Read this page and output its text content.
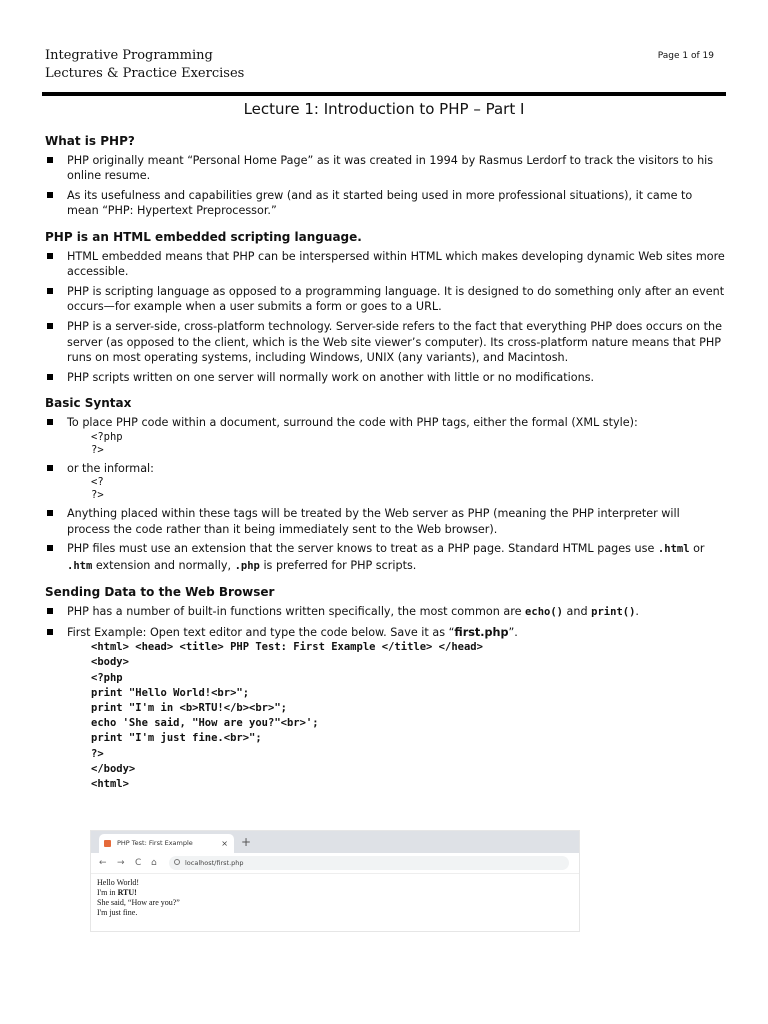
Integrative Programming
Lectures & Practice Exercises
Page 1 of 19
Lecture 1: Introduction to PHP – Part I
What is PHP?
PHP originally meant “Personal Home Page” as it was created in 1994 by Rasmus Lerdorf to track the visitors to his online resume.
As its usefulness and capabilities grew (and as it started being used in more professional situations), it came to mean “PHP: Hypertext Preprocessor.”
PHP is an HTML embedded scripting language.
HTML embedded means that PHP can be interspersed within HTML which makes developing dynamic Web sites more accessible.
PHP is scripting language as opposed to a programming language. It is designed to do something only after an event occurs—for example when a user submits a form or goes to a URL.
PHP is a server-side, cross-platform technology. Server-side refers to the fact that everything PHP does occurs on the server (as opposed to the client, which is the Web site viewer’s computer). Its cross-platform nature means that PHP runs on most operating systems, including Windows, UNIX (any variants), and Macintosh.
PHP scripts written on one server will normally work on another with little or no modifications.
Basic Syntax
To place PHP code within a document, surround the code with PHP tags, either the formal (XML style):
<?php
?>
or the informal:
<?
?>
Anything placed within these tags will be treated by the Web server as PHP (meaning the PHP interpreter will process the code rather than it being immediately sent to the Web browser).
PHP files must use an extension that the server knows to treat as a PHP page. Standard HTML pages use .html or .htm extension and normally, .php is preferred for PHP scripts.
Sending Data to the Web Browser
PHP has a number of built-in functions written specifically, the most common are echo() and print().
First Example: Open text editor and type the code below. Save it as “first.php”.
<html> <head> <title> PHP Test: First Example </title> </head>
<body>
<?php
print "Hello World!<br>";
print "I'm in <b>RTU!</b><br>";
echo 'She said, "How are you?"<br>';
print "I'm just fine.<br>";
?>
</body>
<html>
PHP Test: First Example	× +
← → C ⌂	localhost/first.php
Hello World!
I'm in RTU!
She said, “How are you?”
I'm just fine.
